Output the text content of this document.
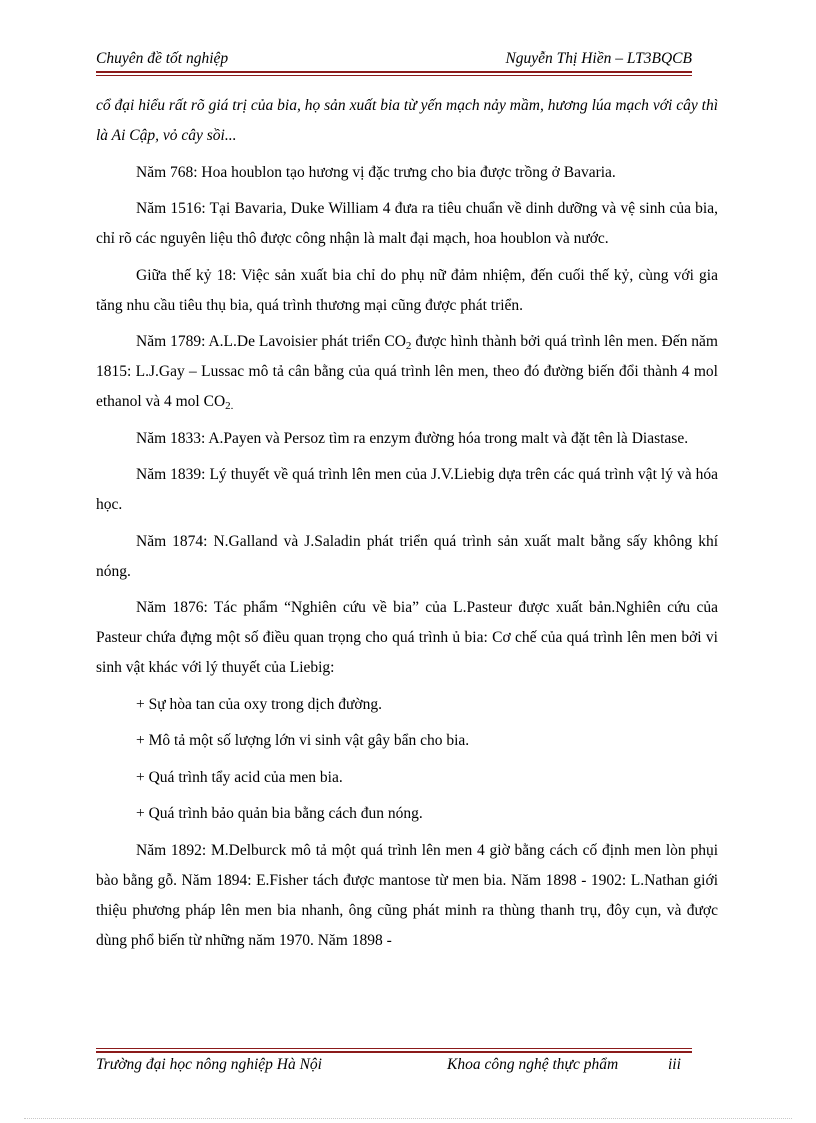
Chuyên đề tốt nghiệp	Nguyễn Thị Hiền – LT3BQCB

cổ đại hiểu rất rõ giá trị của bia, họ sản xuất bia từ yến mạch nảy mầm, hương lúa mạch với cây thì là Ai Cập, vỏ cây sồi...

Năm 768: Hoa houblon tạo hương vị đặc trưng cho bia được trồng ở Bavaria.

Năm 1516: Tại Bavaria, Duke William 4 đưa ra tiêu chuẩn về dinh dưỡng và vệ sinh của bia, chỉ rõ các nguyên liệu thô được công nhận là malt đại mạch, hoa houblon và nước.

Giữa thế kỷ 18: Việc sản xuất bia chỉ do phụ nữ đảm nhiệm, đến cuối thế kỷ, cùng với gia tăng nhu cầu tiêu thụ bia, quá trình thương mại cũng được phát triển.

Năm 1789: A.L.De Lavoisier phát triển $CO_2$ được hình thành bởi quá trình lên men. Đến năm 1815: L.J.Gay – Lussac mô tả cân bằng của quá trình lên men, theo đó đường biến đổi thành 4 mol ethanol và 4 mol $CO_{2.}$

Năm 1833: A.Payen và Persoz tìm ra enzym đường hóa trong malt và đặt tên là Diastase.

Năm 1839: Lý thuyết về quá trình lên men của J.V.Liebig dựa trên các quá trình vật lý và hóa học.

Năm 1874: N.Galland và J.Saladin phát triển quá trình sản xuất malt bằng sấy không khí nóng.

Năm 1876: Tác phẩm “Nghiên cứu về bia” của L.Pasteur được xuất bản.Nghiên cứu của Pasteur chứa đựng một số điều quan trọng cho quá trình ủ bia: Cơ chế của quá trình lên men bởi vi sinh vật khác với lý thuyết của Liebig:

+ Sự hòa tan của oxy trong dịch đường.

+ Mô tả một số lượng lớn vi sinh vật gây bẩn cho bia.

+ Quá trình tẩy acid của men bia.

+ Quá trình bảo quản bia bằng cách đun nóng.

Năm 1892: M.Delburck mô tả một quá trình lên men 4 giờ bằng cách cố định men lòn phụi bào bằng gỗ. Năm 1894: E.Fisher tách được mantose từ men bia. Năm 1898 - 1902: L.Nathan giới thiệu phương pháp lên men bia nhanh, ông cũng phát minh ra thùng thanh trụ, đôy cụn, và được dùng phổ biến từ những năm 1970. Năm 1898 -

Trường đại học nông nghiệp Hà Nội	Khoa công nghệ thực phẩm	iii
